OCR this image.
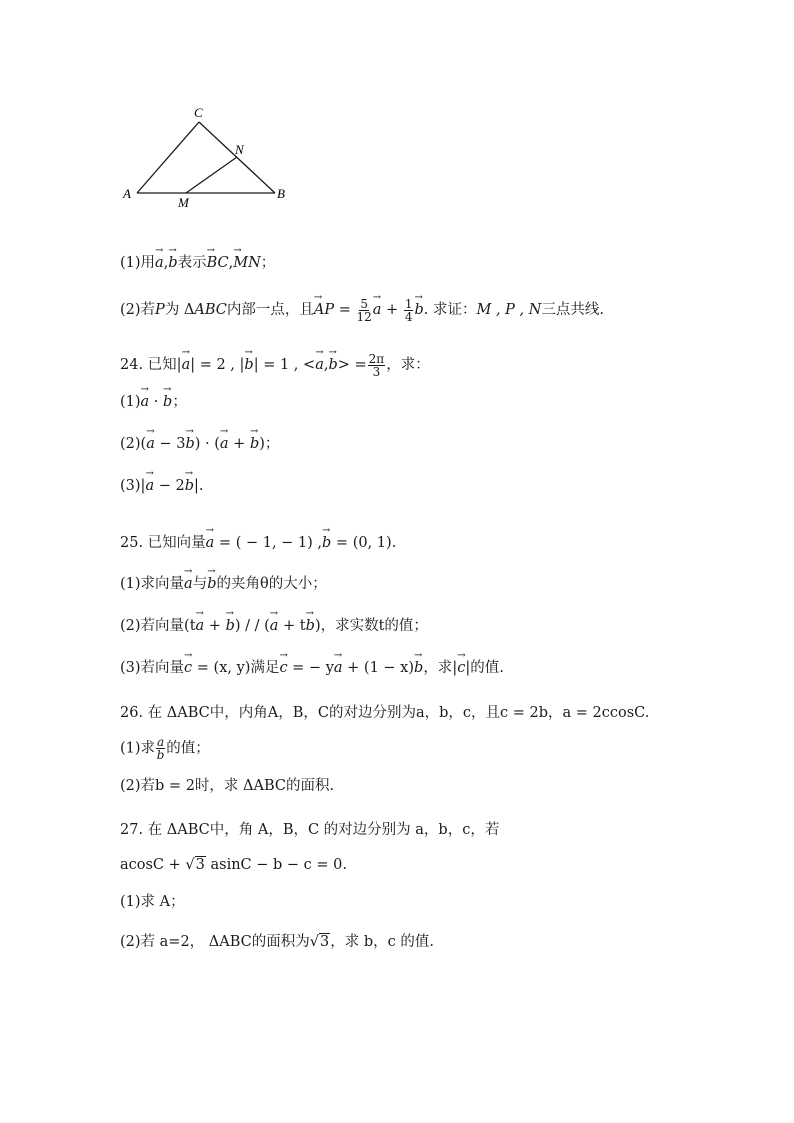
C
N
A
M
B
(1)用→ a,→ b表示→ BC,→ MN；
(2)若P为 ΔABC内部一点，且→ AP = $\frac{5}{12}$
→ $a + \frac{1}{4}$
→ b. 求证：M , P , N三点共线.
24. 已知|→ a| = 2 , |→ b| = 1 , <→ $a,\to b> = \frac{2\pi}{3}$ ，求：
(1)→ a · → b；
(2)(→ a − 3→ b) · (→ a + → b)；
(3)|→ a − 2→ b|.
25. 已知向量→ a = ( − 1, − 1) ,→ b = (0, 1).
(1)求向量→ a与→ b的夹角θ的大小；
(2)若向量(t→ a + → b) / / (→ a + t→ b)，求实数t的值；
(3)若向量→ c = (x, y)满足→ c = − y→ a + (1 − x)→ b，求|→ c|的值.
26. 在 ΔABC中，内角A，B，C的对边分别为a，b，c，且c = 2b，a = 2ccosC.
(1)求 $\frac{a}{b}$ 的值；
(2)若b = 2时，求 ΔABC的面积.
27. 在 ΔABC中，角 A，B，C 的对边分别为 a，b，c，若
acosC + √3 asinC − b − c = 0.
(1)求 A；
(2)若 a=2， ΔABC的面积为√3，求 b，c 的值.
